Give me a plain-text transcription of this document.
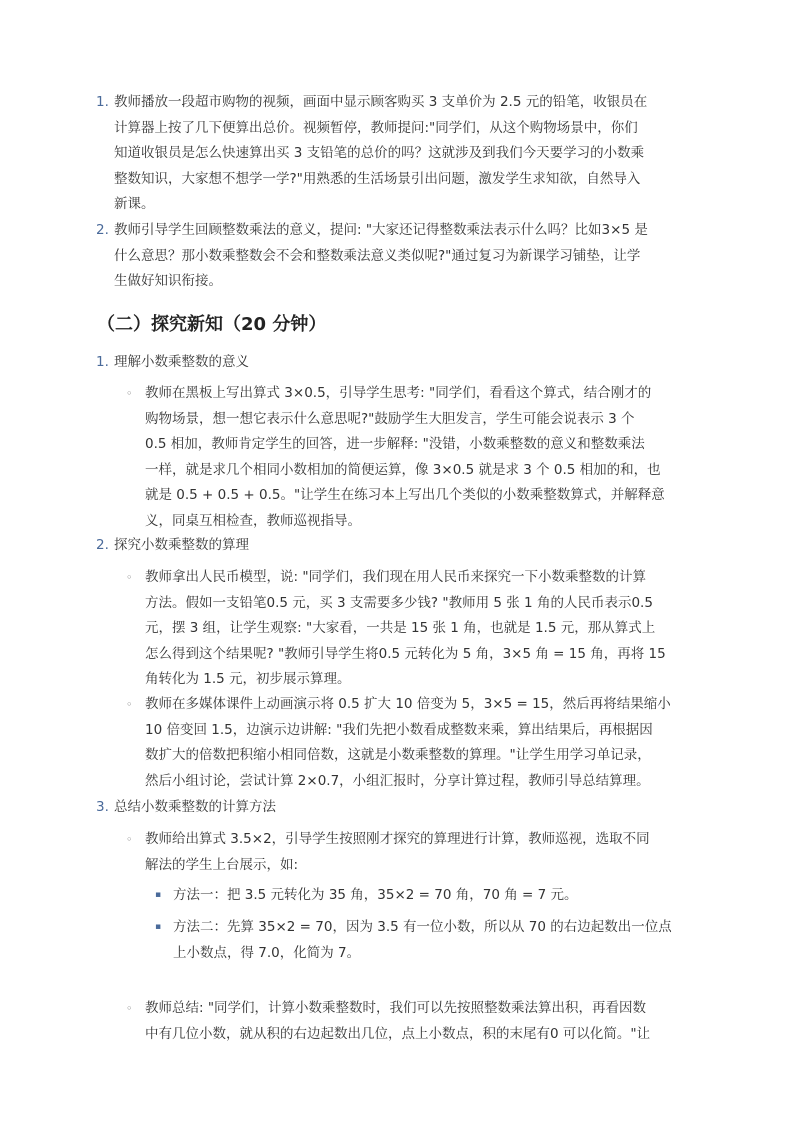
1. 教师播放一段超市购物的视频，画面中显示顾客购买 3 支单价为 2.5 元的铅笔，收银员在
计算器上按了几下便算出总价。视频暂停，教师提问:"同学们，从这个购物场景中，你们
知道收银员是怎么快速算出买 3 支铅笔的总价的吗？这就涉及到我们今天要学习的小数乘
整数知识，大家想不想学一学?"用熟悉的生活场景引出问题，激发学生求知欲，自然导入
新课。
2. 教师引导学生回顾整数乘法的意义，提问: "大家还记得整数乘法表示什么吗？比如3×5 是
什么意思？那小数乘整数会不会和整数乘法意义类似呢?"通过复习为新课学习铺垫，让学
生做好知识衔接。
（二）探究新知（20 分钟）
1. 理解小数乘整数的意义
◦ 教师在黑板上写出算式 3×0.5，引导学生思考: "同学们，看看这个算式，结合刚才的
购物场景，想一想它表示什么意思呢?"鼓励学生大胆发言，学生可能会说表示 3 个
0.5 相加，教师肯定学生的回答，进一步解释: "没错，小数乘整数的意义和整数乘法
一样，就是求几个相同小数相加的简便运算，像 3×0.5 就是求 3 个 0.5 相加的和，也
就是 0.5 + 0.5 + 0.5。"让学生在练习本上写出几个类似的小数乘整数算式，并解释意
义，同桌互相检查，教师巡视指导。
2. 探究小数乘整数的算理
◦ 教师拿出人民币模型，说: "同学们，我们现在用人民币来探究一下小数乘整数的计算
方法。假如一支铅笔0.5 元，买 3 支需要多少钱? "教师用 5 张 1 角的人民币表示0.5
元，摆 3 组，让学生观察: "大家看，一共是 15 张 1 角，也就是 1.5 元，那从算式上
怎么得到这个结果呢? "教师引导学生将0.5 元转化为 5 角，3×5 角 = 15 角，再将 15
角转化为 1.5 元，初步展示算理。
◦ 教师在多媒体课件上动画演示将 0.5 扩大 10 倍变为 5，3×5 = 15，然后再将结果缩小
10 倍变回 1.5，边演示边讲解: "我们先把小数看成整数来乘，算出结果后，再根据因
数扩大的倍数把积缩小相同倍数，这就是小数乘整数的算理。"让学生用学习单记录，
然后小组讨论，尝试计算 2×0.7，小组汇报时，分享计算过程，教师引导总结算理。
3. 总结小数乘整数的计算方法
◦ 教师给出算式 3.5×2，引导学生按照刚才探究的算理进行计算，教师巡视，选取不同
解法的学生上台展示，如:
▪ 方法一：把 3.5 元转化为 35 角，35×2 = 70 角，70 角 = 7 元。
▪ 方法二：先算 35×2 = 70，因为 3.5 有一位小数，所以从 70 的右边起数出一位点
上小数点，得 7.0，化简为 7。
◦ 教师总结: "同学们，计算小数乘整数时，我们可以先按照整数乘法算出积，再看因数
中有几位小数，就从积的右边起数出几位，点上小数点，积的末尾有0 可以化简。"让
